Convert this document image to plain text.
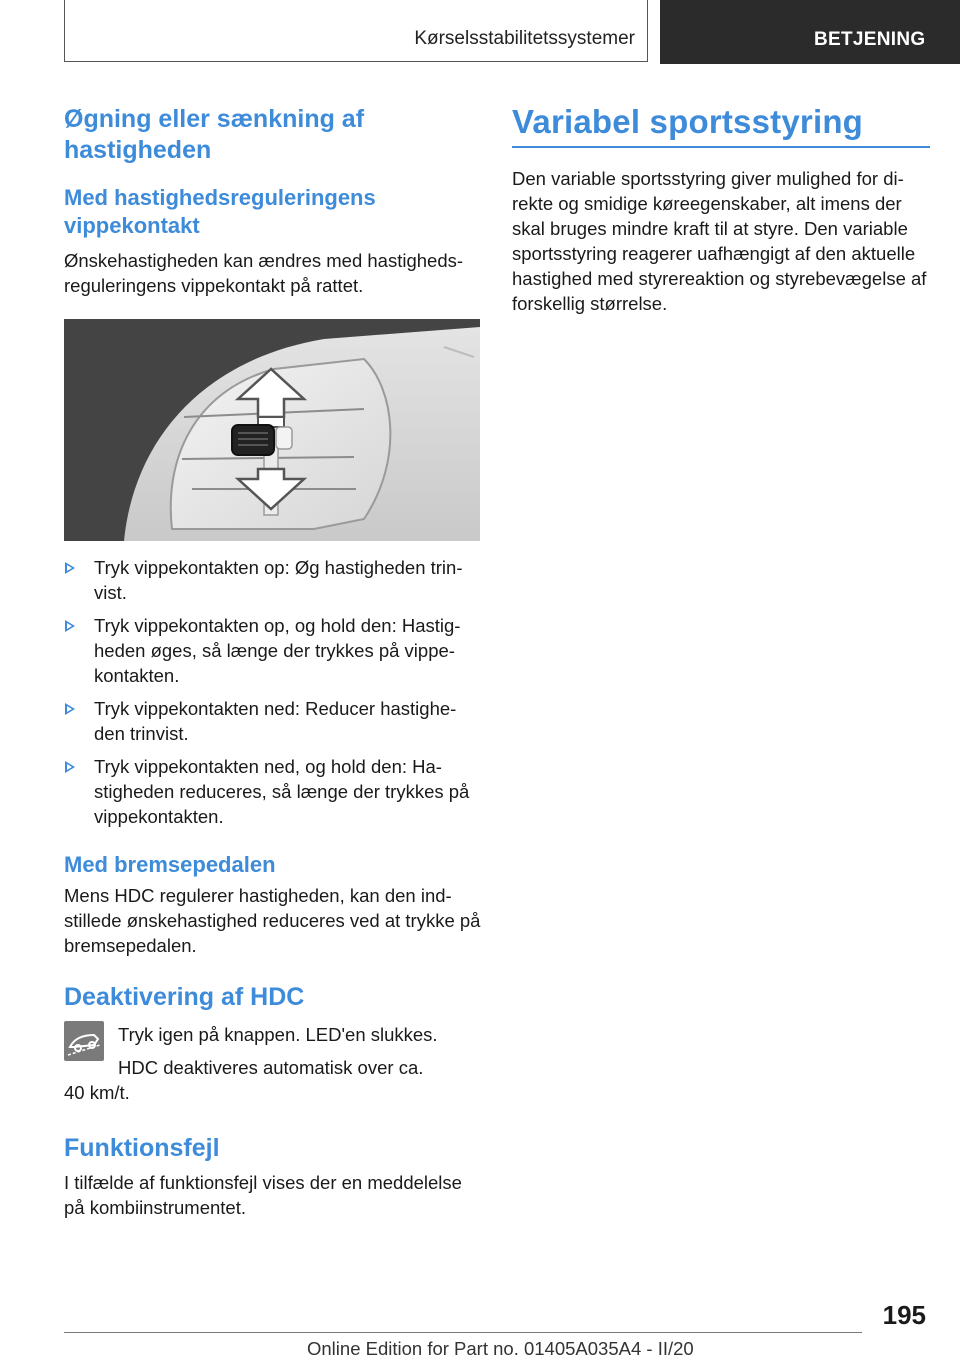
Kørselsstabilitetssystemer	BETJENING
Øgning eller sænkning af hastigheden
Med hastighedsreguleringens vippekontakt

Ønskehastigheden kan ændres med hastigheds-reguleringens vippekontakt på rattet.

Tryk vippekontakten op: Øg hastigheden trin-vist.
Tryk vippekontakten op, og hold den: Hastig-heden øges, så længe der trykkes på vippe-kontakten.
Tryk vippekontakten ned: Reducer hastighe-den trinvist.
Tryk vippekontakten ned, og hold den: Ha-stigheden reduceres, så længe der trykkes på vippekontakten.
Med bremsepedalen

Mens HDC regulerer hastigheden, kan den ind-stillede ønskehastighed reduceres ved at trykke på bremsepedalen.

Deaktivering af HDC

Tryk igen på knappen. LED'en slukkes.

HDC deaktiveres automatisk over ca.

40 km/t.

Funktionsfejl

I tilfælde af funktionsfejl vises der en meddelelse på kombiinstrumentet.

Variabel sportsstyring

Den variable sportsstyring giver mulighed for di-rekte og smidige køreegenskaber, alt imens der skal bruges mindre kraft til at styre. Den variable sportsstyring reagerer uafhængigt af den aktuelle hastighed med styrereaktion og styrebevægelse af forskellig størrelse.

195
Online Edition for Part no. 01405A035A4 - II/20
